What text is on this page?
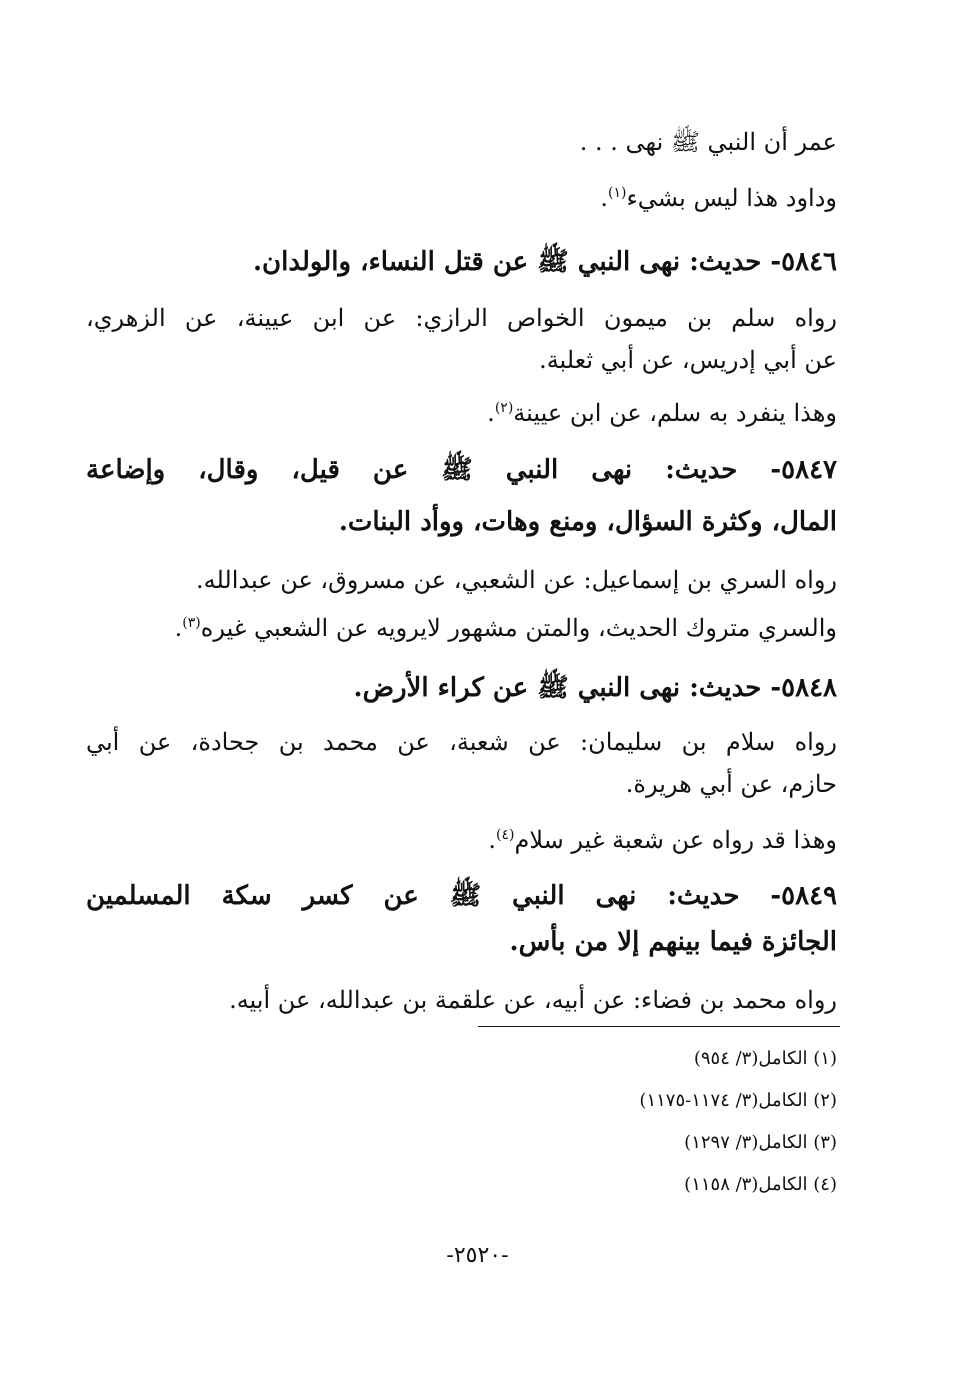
عمر أن النبي ﷺ نهى . . .
وداود هذا ليس بشيء$^{(١)}$.
٥٨٤٦- حديث: نهى النبي ﷺ عن قتل النساء، والولدان.
رواه سلم بن ميمون الخواص الرازي: عن ابن عيينة، عن الزهري،
عن أبي إدريس، عن أبي ثعلبة.
وهذا ينفرد به سلم، عن ابن عيينة$^{(٢)}$.
٥٨٤٧- حديث: نهى النبي ﷺ عن قيل، وقال، وإضاعة
المال، وكثرة السؤال، ومنع وهات، ووأد البنات.
رواه السري بن إسماعيل: عن الشعبي، عن مسروق، عن عبدالله.
والسري متروك الحديث، والمتن مشهور لايرويه عن الشعبي غيره$^{(٣)}$.
٥٨٤٨- حديث: نهى النبي ﷺ عن كراء الأرض.
رواه سلام بن سليمان: عن شعبة، عن محمد بن جحادة، عن أبي
حازم، عن أبي هريرة.
وهذا قد رواه عن شعبة غير سلام$^{(٤)}$.
٥٨٤٩- حديث: نهى النبي ﷺ عن كسر سكة المسلمين
الجائزة فيما بينهم إلا من بأس.
رواه محمد بن فضاء: عن أبيه، عن علقمة بن عبدالله، عن أبيه.
(١) الكامل(٣/ ٩٥٤)
(٢) الكامل(٣/ ١١٧٤-١١٧٥)
(٣) الكامل(٣/ ١٢٩٧)
(٤) الكامل(٣/ ١١٥٨)
-٢٥٢٠-
